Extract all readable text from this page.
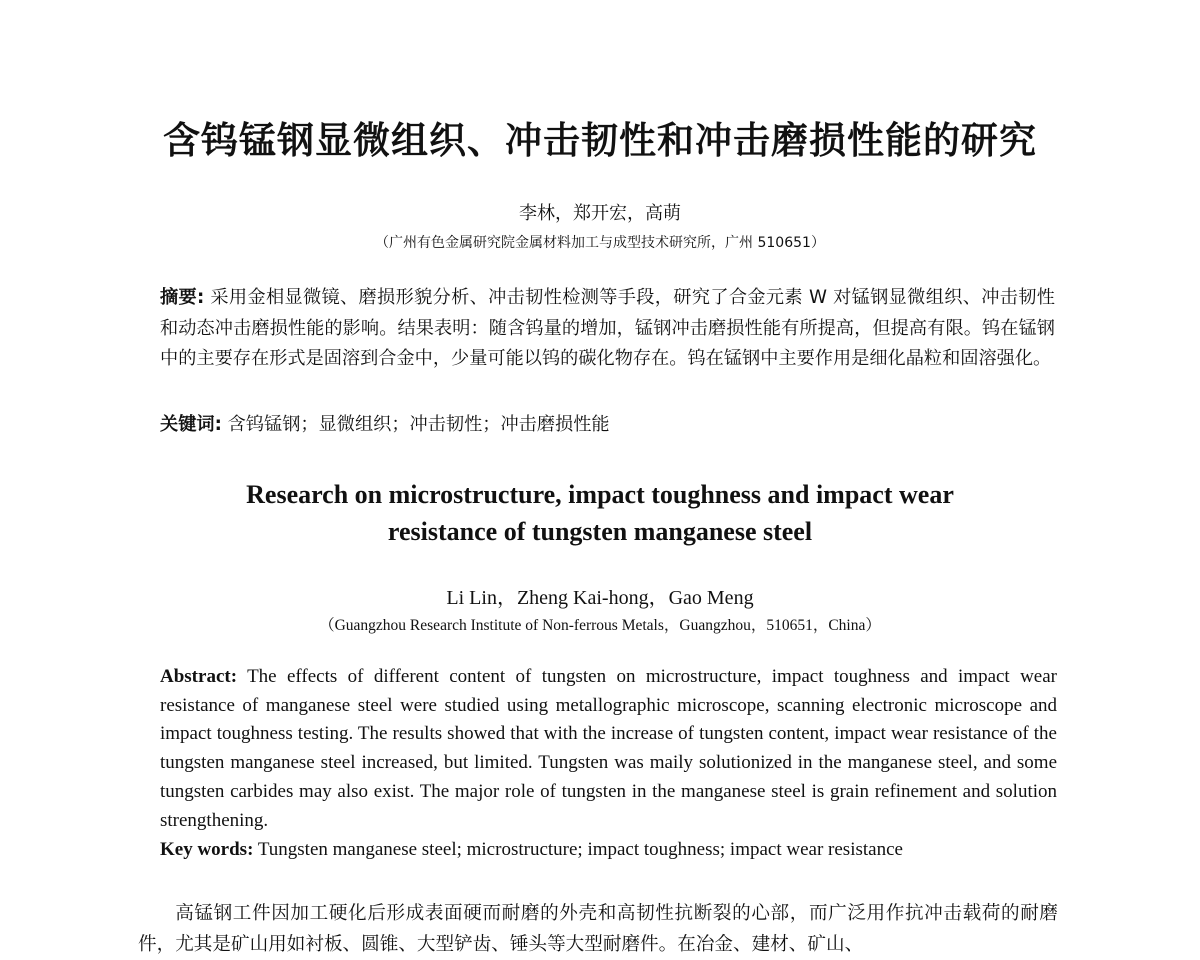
含钨锰钢显微组织、冲击韧性和冲击磨损性能的研究
李林，郑开宏，高萌
（广州有色金属研究院金属材料加工与成型技术研究所，广州 510651）
摘要: 采用金相显微镜、磨损形貌分析、冲击韧性检测等手段，研究了合金元素 W 对锰钢显微组织、冲击韧性和动态冲击磨损性能的影响。结果表明：随含钨量的增加，锰钢冲击磨损性能有所提高，但提高有限。钨在锰钢中的主要存在形式是固溶到合金中，少量可能以钨的碳化物存在。钨在锰钢中主要作用是细化晶粒和固溶强化。
关键词: 含钨锰钢；显微组织；冲击韧性；冲击磨损性能
Research on microstructure, impact toughness and impact wear
resistance of tungsten manganese steel
Li Lin，Zheng Kai-hong，Gao Meng
（Guangzhou Research Institute of Non-ferrous Metals，Guangzhou，510651，China）
Abstract: The effects of different content of tungsten on microstructure, impact toughness and impact wear resistance of manganese steel were studied using metallographic microscope, scanning electronic microscope and impact toughness testing. The results showed that with the increase of tungsten content, impact wear resistance of the tungsten manganese steel increased, but limited. Tungsten was maily solutionized in the manganese steel, and some tungsten carbides may also exist. The major role of tungsten in the manganese steel is grain refinement and solution strengthening.
Key words: Tungsten manganese steel; microstructure; impact toughness; impact wear resistance
高锰钢工件因加工硬化后形成表面硬而耐磨的外壳和高韧性抗断裂的心部，而广泛用作抗冲击载荷的耐磨件，尤其是矿山用如衬板、圆锥、大型铲齿、锤头等大型耐磨件。在冶金、建材、矿山、
